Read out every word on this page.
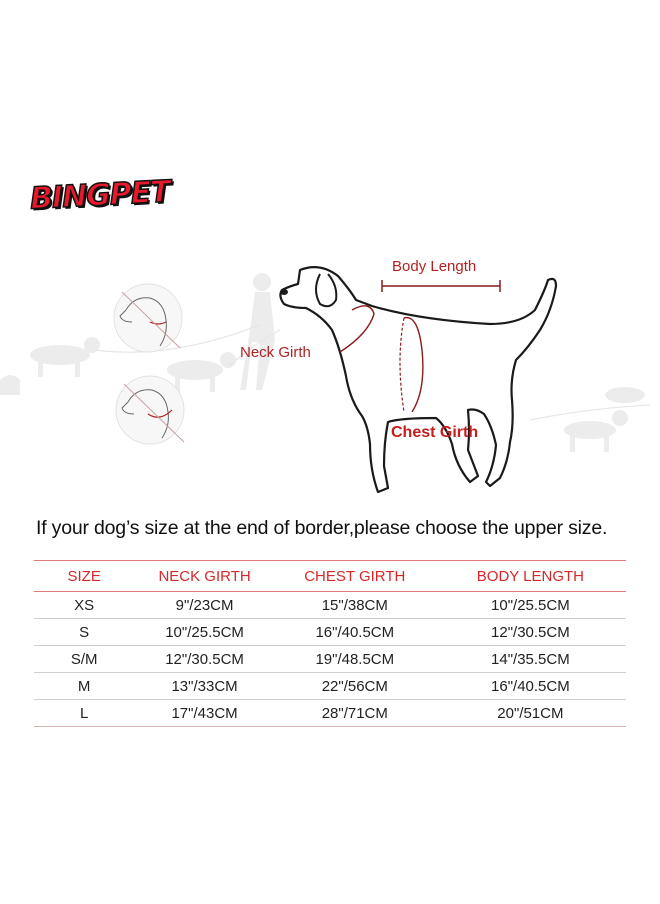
BINGPET
Body Length
Neck Girth
Chest Girth
If your dog’s size at the end of border,please choose the upper size.
SIZE	NECK GIRTH	CHEST GIRTH	BODY LENGTH
XS	9"/23CM	15"/38CM	10"/25.5CM
S	10"/25.5CM	16"/40.5CM	12"/30.5CM
S/M	12"/30.5CM	19"/48.5CM	14"/35.5CM
M	13"/33CM	22"/56CM	16"/40.5CM
L	17"/43CM	28"/71CM	20"/51CM
